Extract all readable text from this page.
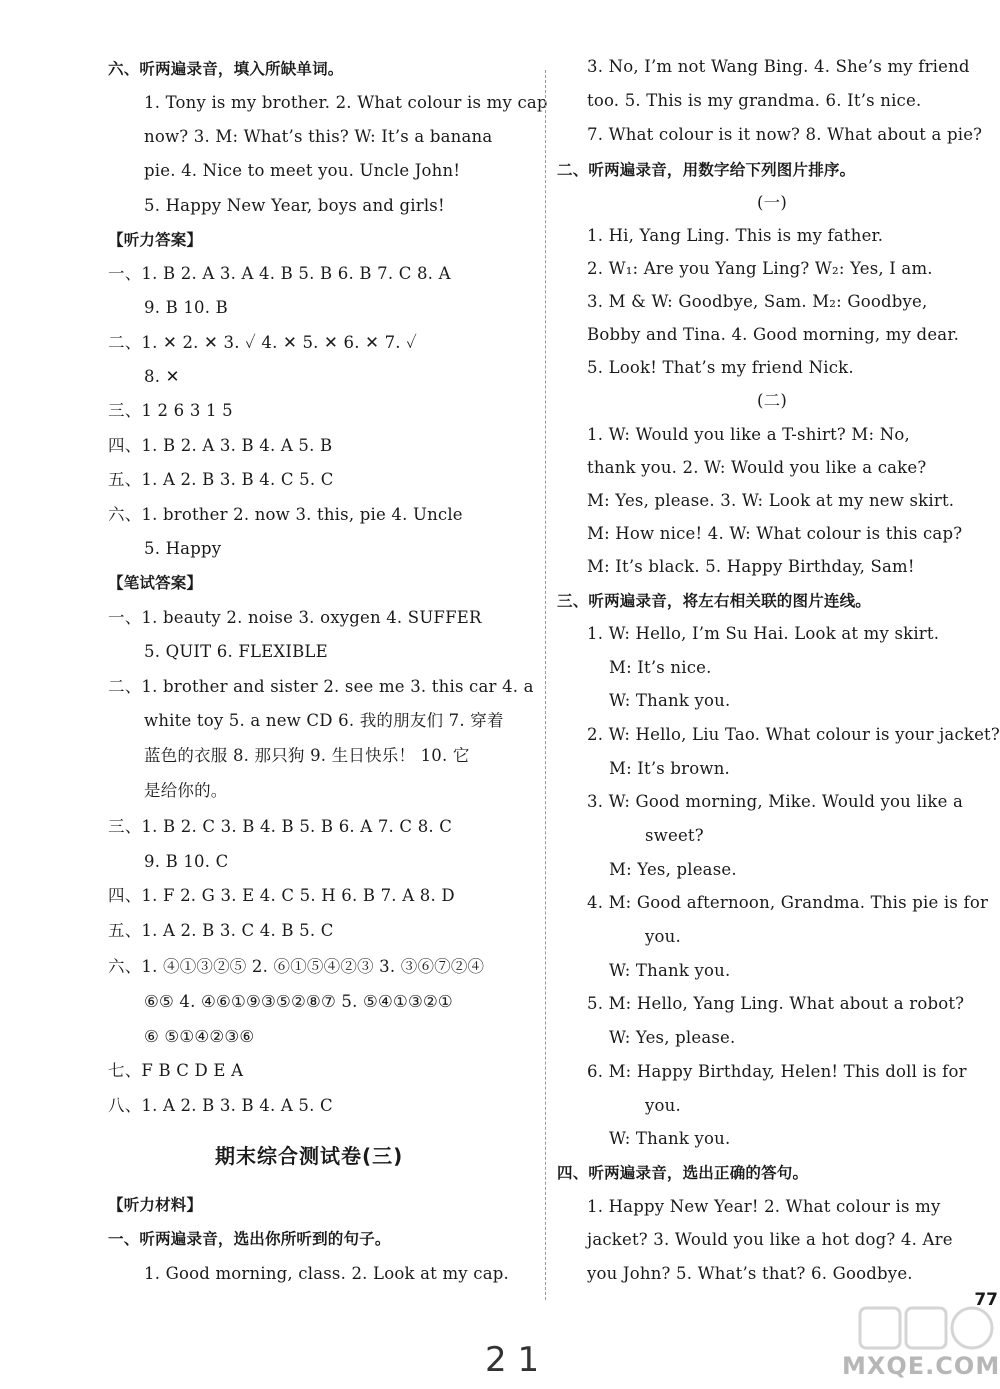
六、听两遍录音，填入所缺单词。
1. Tony is my brother. 2. What colour is my cap
now? 3. M: What’s this? W: It’s a banana
pie. 4. Nice to meet you. Uncle John!
5. Happy New Year, boys and girls!
【听力答案】
一、1. B 2. A 3. A 4. B 5. B 6. B 7. C 8. A
9. B 10. B
二、1. ✕ 2. ✕ 3. ✓ 4. ✕ 5. ✕ 6. ✕ 7. ✓
8. ✕
三、1 2 6 3 1 5
四、1. B 2. A 3. B 4. A 5. B
五、1. A 2. B 3. B 4. C 5. C
六、1. brother 2. now 3. this, pie 4. Uncle
5. Happy
【笔试答案】
一、1. beauty 2. noise 3. oxygen 4. SUFFER
5. QUIT 6. FLEXIBLE
二、1. brother and sister 2. see me 3. this car 4. a
white toy 5. a new CD 6. 我的朋友们 7. 穿着
蓝色的衣服 8. 那只狗 9. 生日快乐！ 10. 它
是给你的。
三、1. B 2. C 3. B 4. B 5. B 6. A 7. C 8. C
9. B 10. C
四、1. F 2. G 3. E 4. C 5. H 6. B 7. A 8. D
五、1. A 2. B 3. C 4. B 5. C
六、1. ④①③②⑤ 2. ⑥①⑤④②③ 3. ③⑥⑦②④
⑥⑤ 4. ④⑥①⑨③⑤②⑧⑦ 5. ⑤④①③②①
⑥ ⑤①④②③⑥
七、F B C D E A
八、1. A 2. B 3. B 4. A 5. C
【听力材料】
一、听两遍录音，选出你所听到的句子。
1. Good morning, class. 2. Look at my cap.
3. No, I’m not Wang Bing. 4. She’s my friend
too. 5. This is my grandma. 6. It’s nice.
7. What colour is it now? 8. What about a pie?
二、听两遍录音，用数字给下列图片排序。
(一)
1. Hi, Yang Ling. This is my father.
2. W₁: Are you Yang Ling? W₂: Yes, I am.
3. M & W: Goodbye, Sam. M₂: Goodbye,
Bobby and Tina. 4. Good morning, my dear.
5. Look! That’s my friend Nick.
(二)
1. W: Would you like a T-shirt? M: No,
thank you. 2. W: Would you like a cake?
M: Yes, please. 3. W: Look at my new skirt.
M: How nice! 4. W: What colour is this cap?
M: It’s black. 5. Happy Birthday, Sam!
三、听两遍录音，将左右相关联的图片连线。
1. W: Hello, I’m Su Hai. Look at my skirt.
M: It’s nice.
W: Thank you.
2. W: Hello, Liu Tao. What colour is your jacket?
M: It’s brown.
3. W: Good morning, Mike. Would you like a
sweet?
M: Yes, please.
4. M: Good afternoon, Grandma. This pie is for
you.
W: Thank you.
5. M: Hello, Yang Ling. What about a robot?
W: Yes, please.
6. M: Happy Birthday, Helen! This doll is for
you.
W: Thank you.
四、听两遍录音，选出正确的答句。
1. Happy New Year! 2. What colour is my
jacket? 3. Would you like a hot dog? 4. Are
you John? 5. What’s that? 6. Goodbye.
期末综合测试卷(三)
77
2 1	MXQE.COM
